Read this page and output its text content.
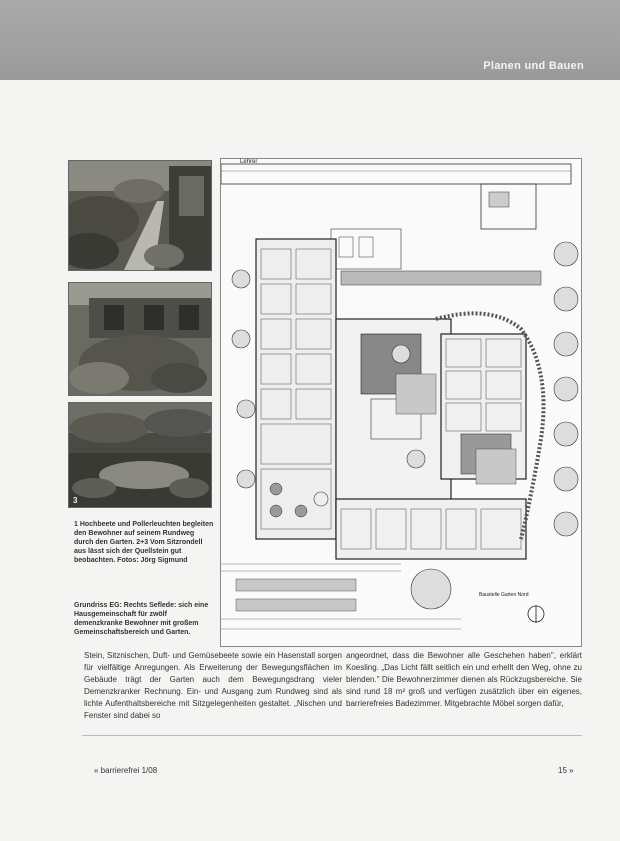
Planen und Bauen
3

1 Hochbeete und Pollerleuchten begleiten den Bewohner auf seinem Rundweg durch den Garten. 2+3 Vom Sitzrondell aus lässt sich der Quellstein gut beobachten. Fotos: Jörg Sigmund

Grundriss EG: Rechts Seflede: sich eine Hausgemeinschaft für zwölf demenzkranke Bewohner mit großem Gemeinschaftsbereich und Garten.

Lehrer
Baustelle Garten Nord
Stein, Sitznischen, Duft- und Gemüsebeete sowie ein Hasenstall sorgen für vielfältige Anregungen. Als Erweiterung der Bewegungsflächen im Gebäude trägt der Garten auch dem Bewegungsdrang vieler Demenzkranker Rechnung. Ein- und Ausgang zum Rundweg sind als lichte Aufenthaltsbereiche mit Sitzgelegenheiten gestaltet. „Nischen und Fenster sind dabei so
angeordnet, dass die Bewohner alle Geschehen haben", erklärt Koesling. „Das Licht fällt seitlich ein und erhellt den Weg, ohne zu blenden." Die Bewohnerzimmer dienen als Rückzugsbereiche. Sie sind rund 18 m² groß und verfügen zusätzlich über ein eigenes, barrierefreies Badezimmer. Mitgebrachte Möbel sorgen dafür,
« barrierefrei 1/08	15 »
